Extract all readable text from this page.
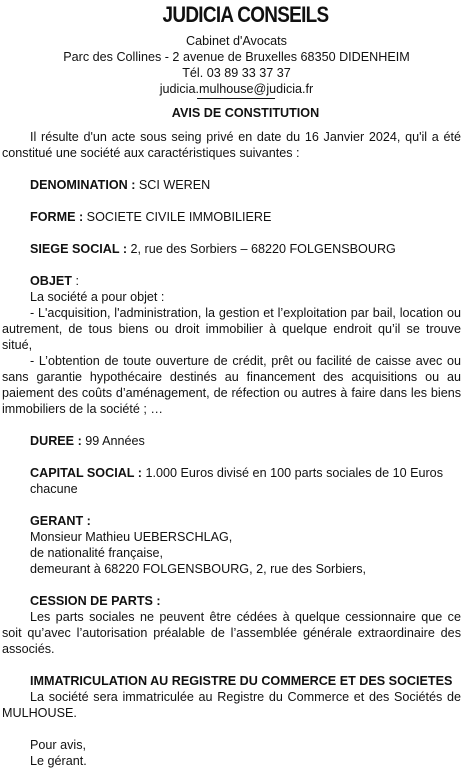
JUDICIA CONSEILS
Cabinet d'Avocats
Parc des Collines - 2 avenue de Bruxelles 68350 DIDENHEIM
Tél. 03 89 33 37 37
judicia.mulhouse@judicia.fr
AVIS DE CONSTITUTION

Il résulte d'un acte sous seing privé en date du 16 Janvier 2024, qu'il a été constitué une société aux caractéristiques suivantes :

DENOMINATION : SCI WEREN

FORME : SOCIETE CIVILE IMMOBILIERE

SIEGE SOCIAL : 2, rue des Sorbiers – 68220 FOLGENSBOURG

OBJET :

La société a pour objet :

- L'acquisition, l'administration, la gestion et l’exploitation par bail, location ou autrement, de tous biens ou droit immobilier à quelque endroit qu’il se trouve situé,

- L’obtention de toute ouverture de crédit, prêt ou facilité de caisse avec ou sans garantie hypothécaire destinés au financement des acquisitions ou au paiement des coûts d’aménagement, de réfection ou autres à faire dans les biens immobiliers de la société ; …

DUREE : 99 Années

CAPITAL SOCIAL : 1.000 Euros divisé en 100 parts sociales de 10 Euros chacune

GERANT :

Monsieur Mathieu UEBERSCHLAG,

de nationalité française,

demeurant à 68220 FOLGENSBOURG, 2, rue des Sorbiers,

CESSION DE PARTS :

Les parts sociales ne peuvent être cédées à quelque cessionnaire que ce soit qu’avec l’autorisation préalable de l’assemblée générale extraordinaire des associés.

IMMATRICULATION AU REGISTRE DU COMMERCE ET DES SOCIETES

La société sera immatriculée au Registre du Commerce et des Sociétés de MULHOUSE.

Pour avis,

Le gérant.
